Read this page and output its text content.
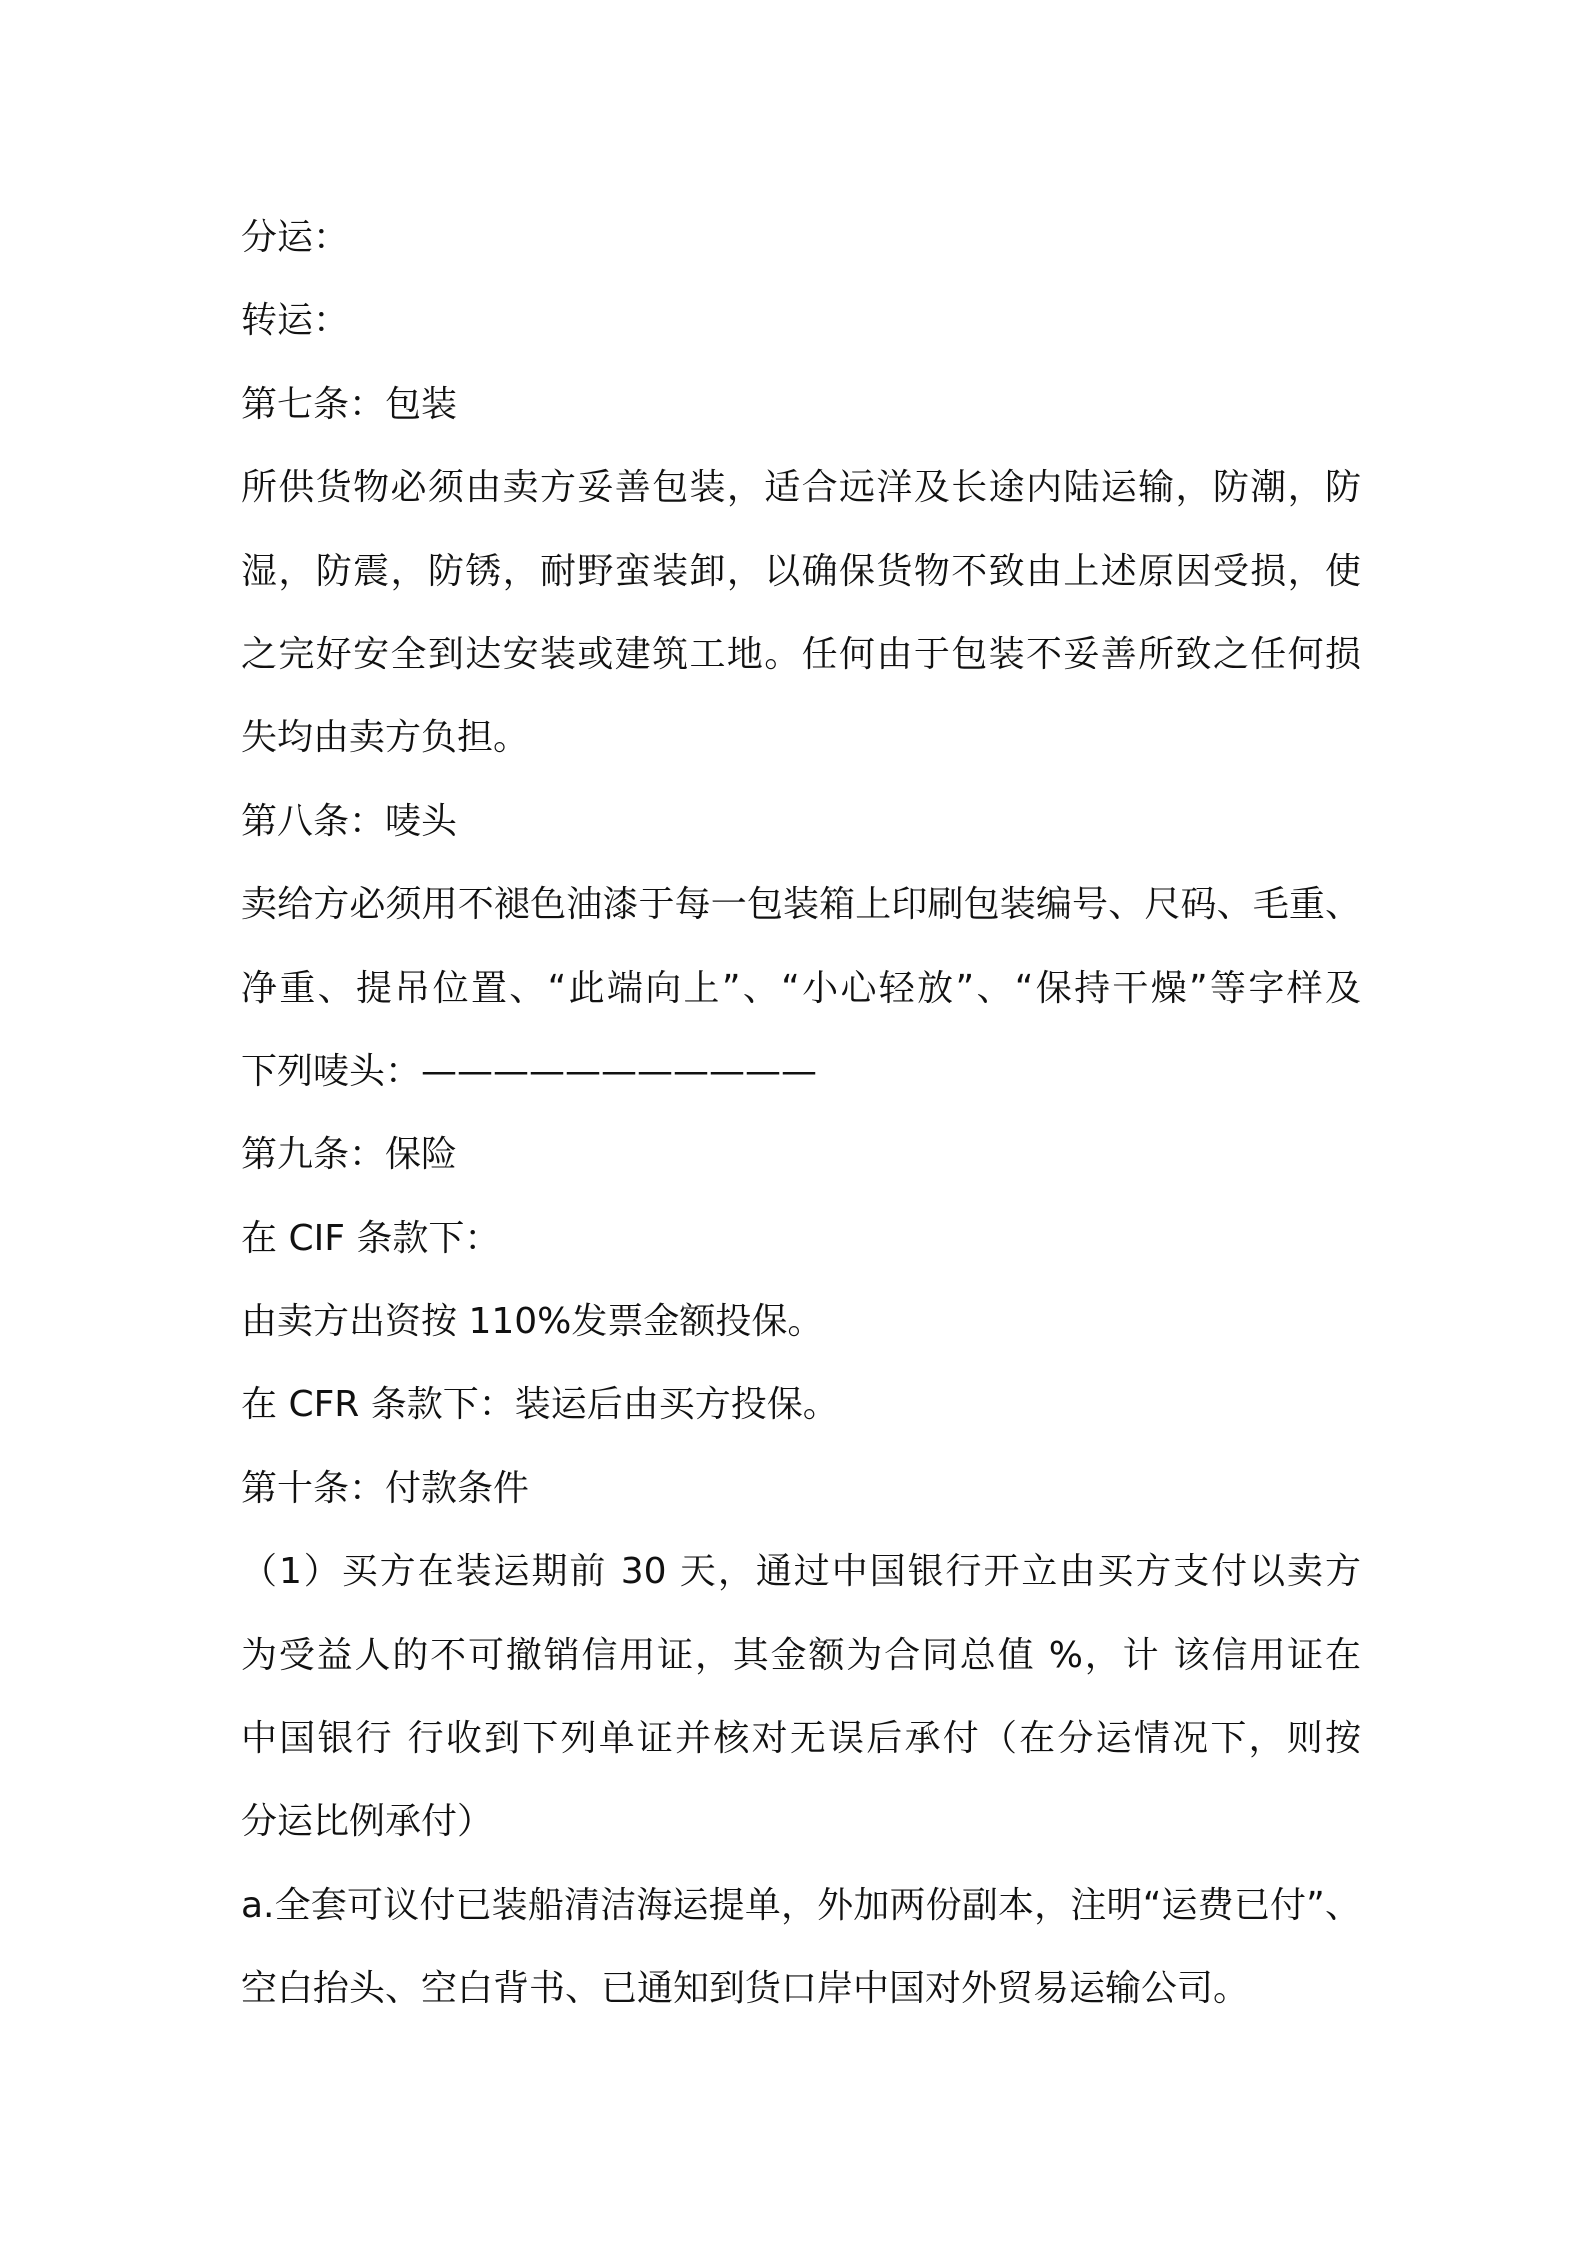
分运：
转运：
第七条：包装
所供货物必须由卖方妥善包装，适合远洋及长途内陆运输，防潮，防
湿，防震，防锈，耐野蛮装卸，以确保货物不致由上述原因受损，使
之完好安全到达安装或建筑工地。任何由于包装不妥善所致之任何损
失均由卖方负担。
第八条：唛头
卖给方必须用不褪色油漆于每一包装箱上印刷包装编号、尺码、毛重、
净重、提吊位置、“此端向上”、“小心轻放”、“保持干燥”等字样及
下列唛头：———————————
第九条：保险
在 CIF 条款下：
由卖方出资按 110%发票金额投保。
在 CFR 条款下：装运后由买方投保。
第十条：付款条件
（1）买方在装运期前 30 天，通过中国银行开立由买方支付以卖方
为受益人的不可撤销信用证，其金额为合同总值 %，计 该信用证在
中国银行 行收到下列单证并核对无误后承付（在分运情况下，则按
分运比例承付）
a.全套可议付已装船清洁海运提单，外加两份副本，注明“运费已付”、
空白抬头、空白背书、已通知到货口岸中国对外贸易运输公司。
